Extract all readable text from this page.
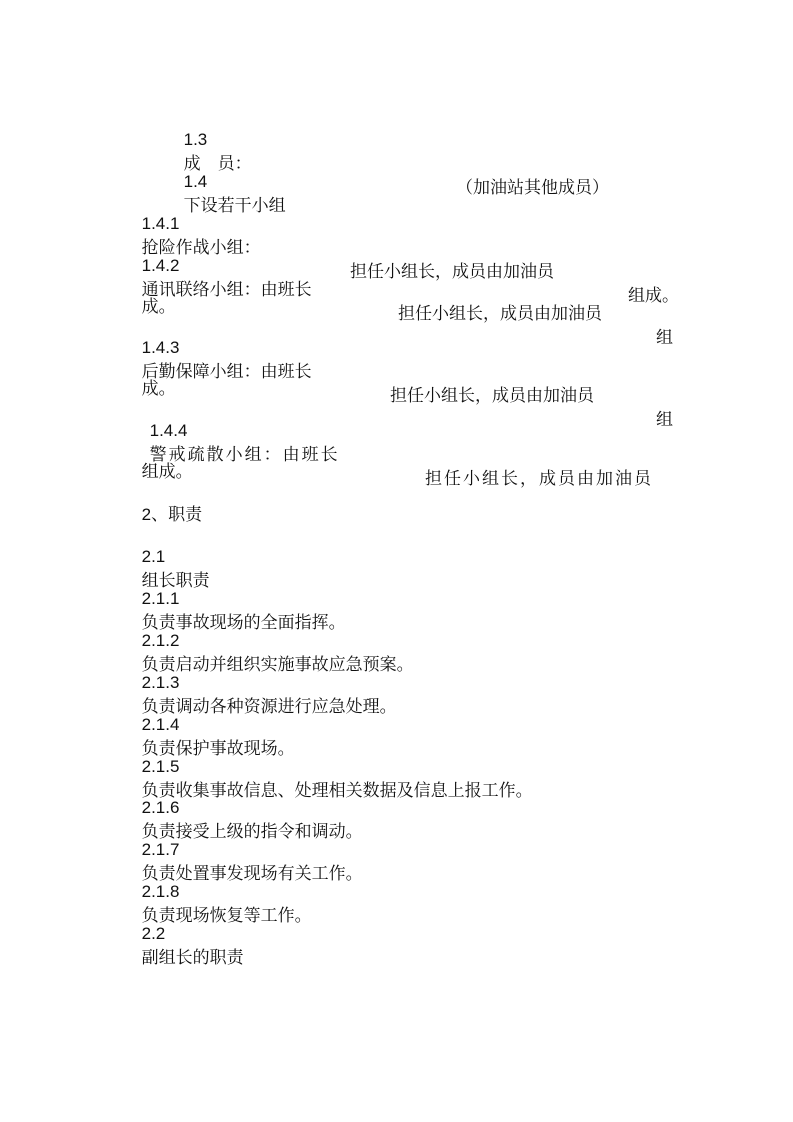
1.3
成　员：

（加油站其他成员）

1.4
下设若干小组

1.4.1
抢险作战小组：

担任小组长，成员由加油员

组成。

1.4.2
通讯联络小组：由班长

担任小组长，成员由加油员

组

成。

1.4.3
后勤保障小组：由班长

担任小组长，成员由加油员

组

成。

1.4.4
警戒疏散小组：由班长

担任小组长，成员由加油员

组成。

2、职责

2.1
组长职责

2.1.1
负责事故现场的全面指挥。

2.1.2
负责启动并组织实施事故应急预案。

2.1.3
负责调动各种资源进行应急处理。

2.1.4
负责保护事故现场。

2.1.5
负责收集事故信息、处理相关数据及信息上报工作。

2.1.6
负责接受上级的指令和调动。

2.1.7
负责处置事发现场有关工作。

2.1.8
负责现场恢复等工作。

2.2
副组长的职责
